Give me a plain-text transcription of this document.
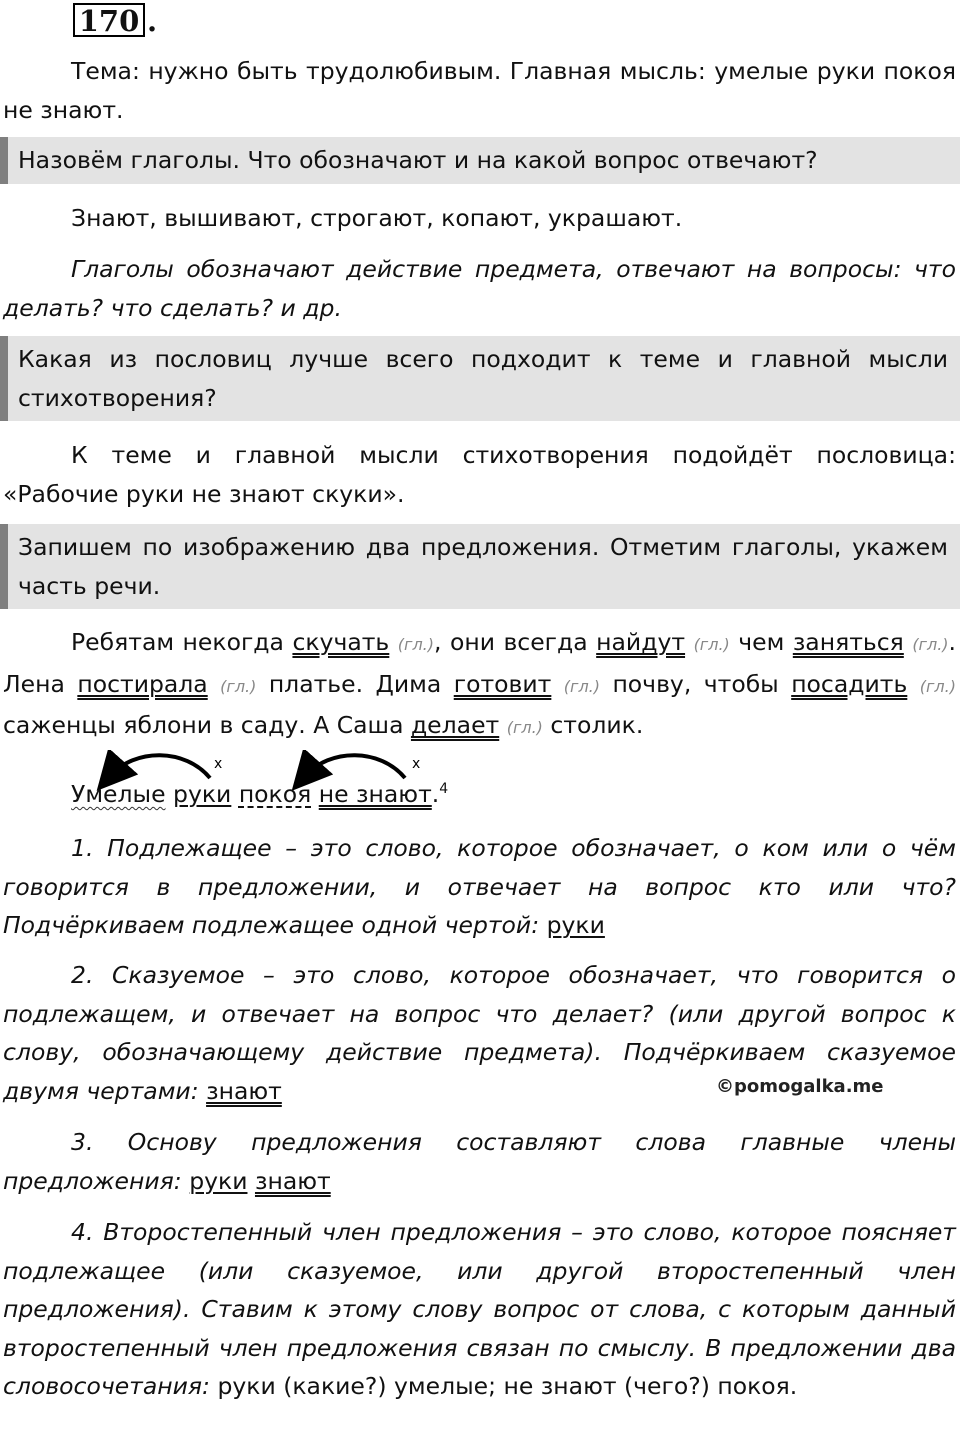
170 .
Тема: нужно быть трудолюбивым. Главная мысль: умелые руки покоя не знают.
Назовём глаголы. Что обозначают и на какой вопрос отвечают?
Знают, вышивают, строгают, копают, украшают.
Глаголы обозначают действие предмета, отвечают на вопросы: что делать? что сделать? и др.
Какая из пословиц лучше всего подходит к теме и главной мысли стихотворения?
К теме и главной мысли стихотворения подойдёт пословица: «Рабочие руки не знают скуки».
Запишем по изображению два предложения. Отметим глаголы, укажем часть речи.
Ребятам некогда скучать (гл.), они всегда найдут (гл.) чем заняться (гл.). Лена постирала (гл.) платье. Дима готовит (гл.) почву, чтобы посадить (гл.) саженцы яблони в саду. А Саша делает (гл.) столик.
x	x
Умелые руки покоя не знают.$^4$
1. Подлежащее – это слово, которое обозначает, о ком или о чём говорится в предложении, и отвечает на вопрос кто или что? Подчёркиваем подлежащее одной чертой: руки
2. Сказуемое – это слово, которое обозначает, что говорится о подлежащем, и отвечает на вопрос что делает? (или другой вопрос к слову, обозначающему действие предмета). Подчёркиваем сказуемое двумя чертами: знают	©pomogalka.me
3. Основу предложения составляют слова главные члены предложения: руки знают
4. Второстепенный член предложения – это слово, которое поясняет подлежащее (или сказуемое, или другой второстепенный член предложения). Ставим к этому слову вопрос от слова, с которым данный второстепенный член предложения связан по смыслу. В предложении два словосочетания: руки (какие?) умелые; не знают (чего?) покоя.
